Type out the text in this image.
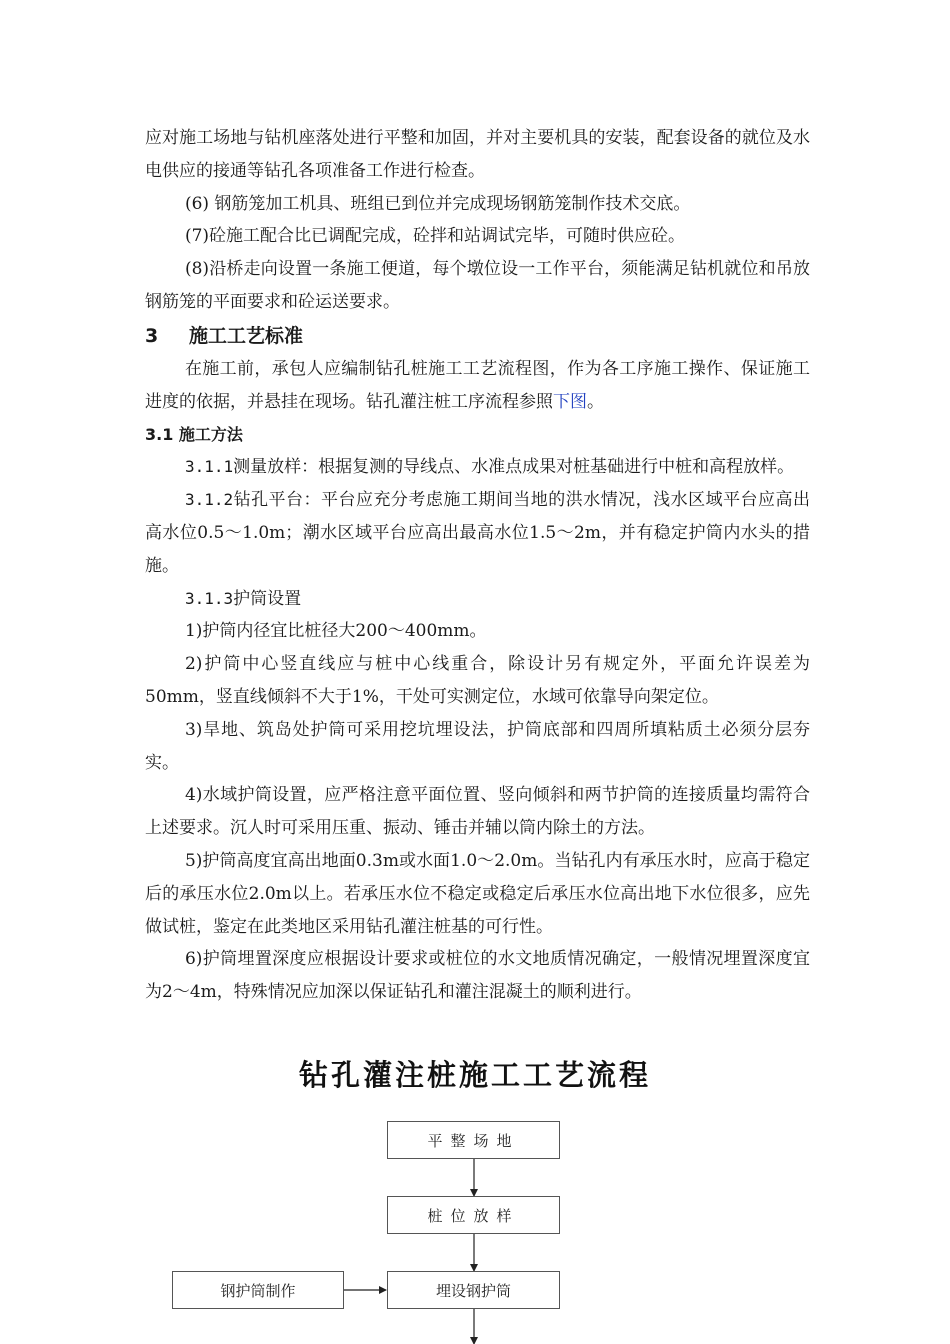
应对施工场地与钻机座落处进行平整和加固，并对主要机具的安装，配套设备的就位及水电供应的接通等钻孔各项准备工作进行检查。

(6) 钢筋笼加工机具、班组已到位并完成现场钢筋笼制作技术交底。

(7)砼施工配合比已调配完成，砼拌和站调试完毕，可随时供应砼。

(8)沿桥走向设置一条施工便道，每个墩位设一工作平台，须能满足钻机就位和吊放钢筋笼的平面要求和砼运送要求。

3 施工工艺标准

在施工前，承包人应编制钻孔桩施工工艺流程图，作为各工序施工操作、保证施工进度的依据，并悬挂在现场。钻孔灌注桩工序流程参照下图。

3.1 施工方法

3.1.1测量放样：根据复测的导线点、水准点成果对桩基础进行中桩和高程放样。

3.1.2钻孔平台：平台应充分考虑施工期间当地的洪水情况，浅水区域平台应高出高水位0.5～1.0m；潮水区域平台应高出最高水位1.5～2m，并有稳定护筒内水头的措施。

3.1.3护筒设置

1)护筒内径宜比桩径大200～400mm。

2)护筒中心竖直线应与桩中心线重合，除设计另有规定外，平面允许误差为50mm，竖直线倾斜不大于1%，干处可实测定位，水域可依靠导向架定位。

3)旱地、筑岛处护筒可采用挖坑埋设法，护筒底部和四周所填粘质土必须分层夯实。

4)水域护筒设置，应严格注意平面位置、竖向倾斜和两节护筒的连接质量均需符合上述要求。沉人时可采用压重、振动、锤击并辅以筒内除土的方法。

5)护筒高度宜高出地面0.3m或水面1.0～2.0m。当钻孔内有承压水时，应高于稳定后的承压水位2.0m以上。若承压水位不稳定或稳定后承压水位高出地下水位很多，应先做试桩，鉴定在此类地区采用钻孔灌注桩基的可行性。

6)护筒埋置深度应根据设计要求或桩位的水文地质情况确定，一般情况埋置深度宜为2～4m，特殊情况应加深以保证钻孔和灌注混凝土的顺利进行。

钻孔灌注桩施工工艺流程
平整场地
桩位放样
埋设钢护筒
钢护筒制作
